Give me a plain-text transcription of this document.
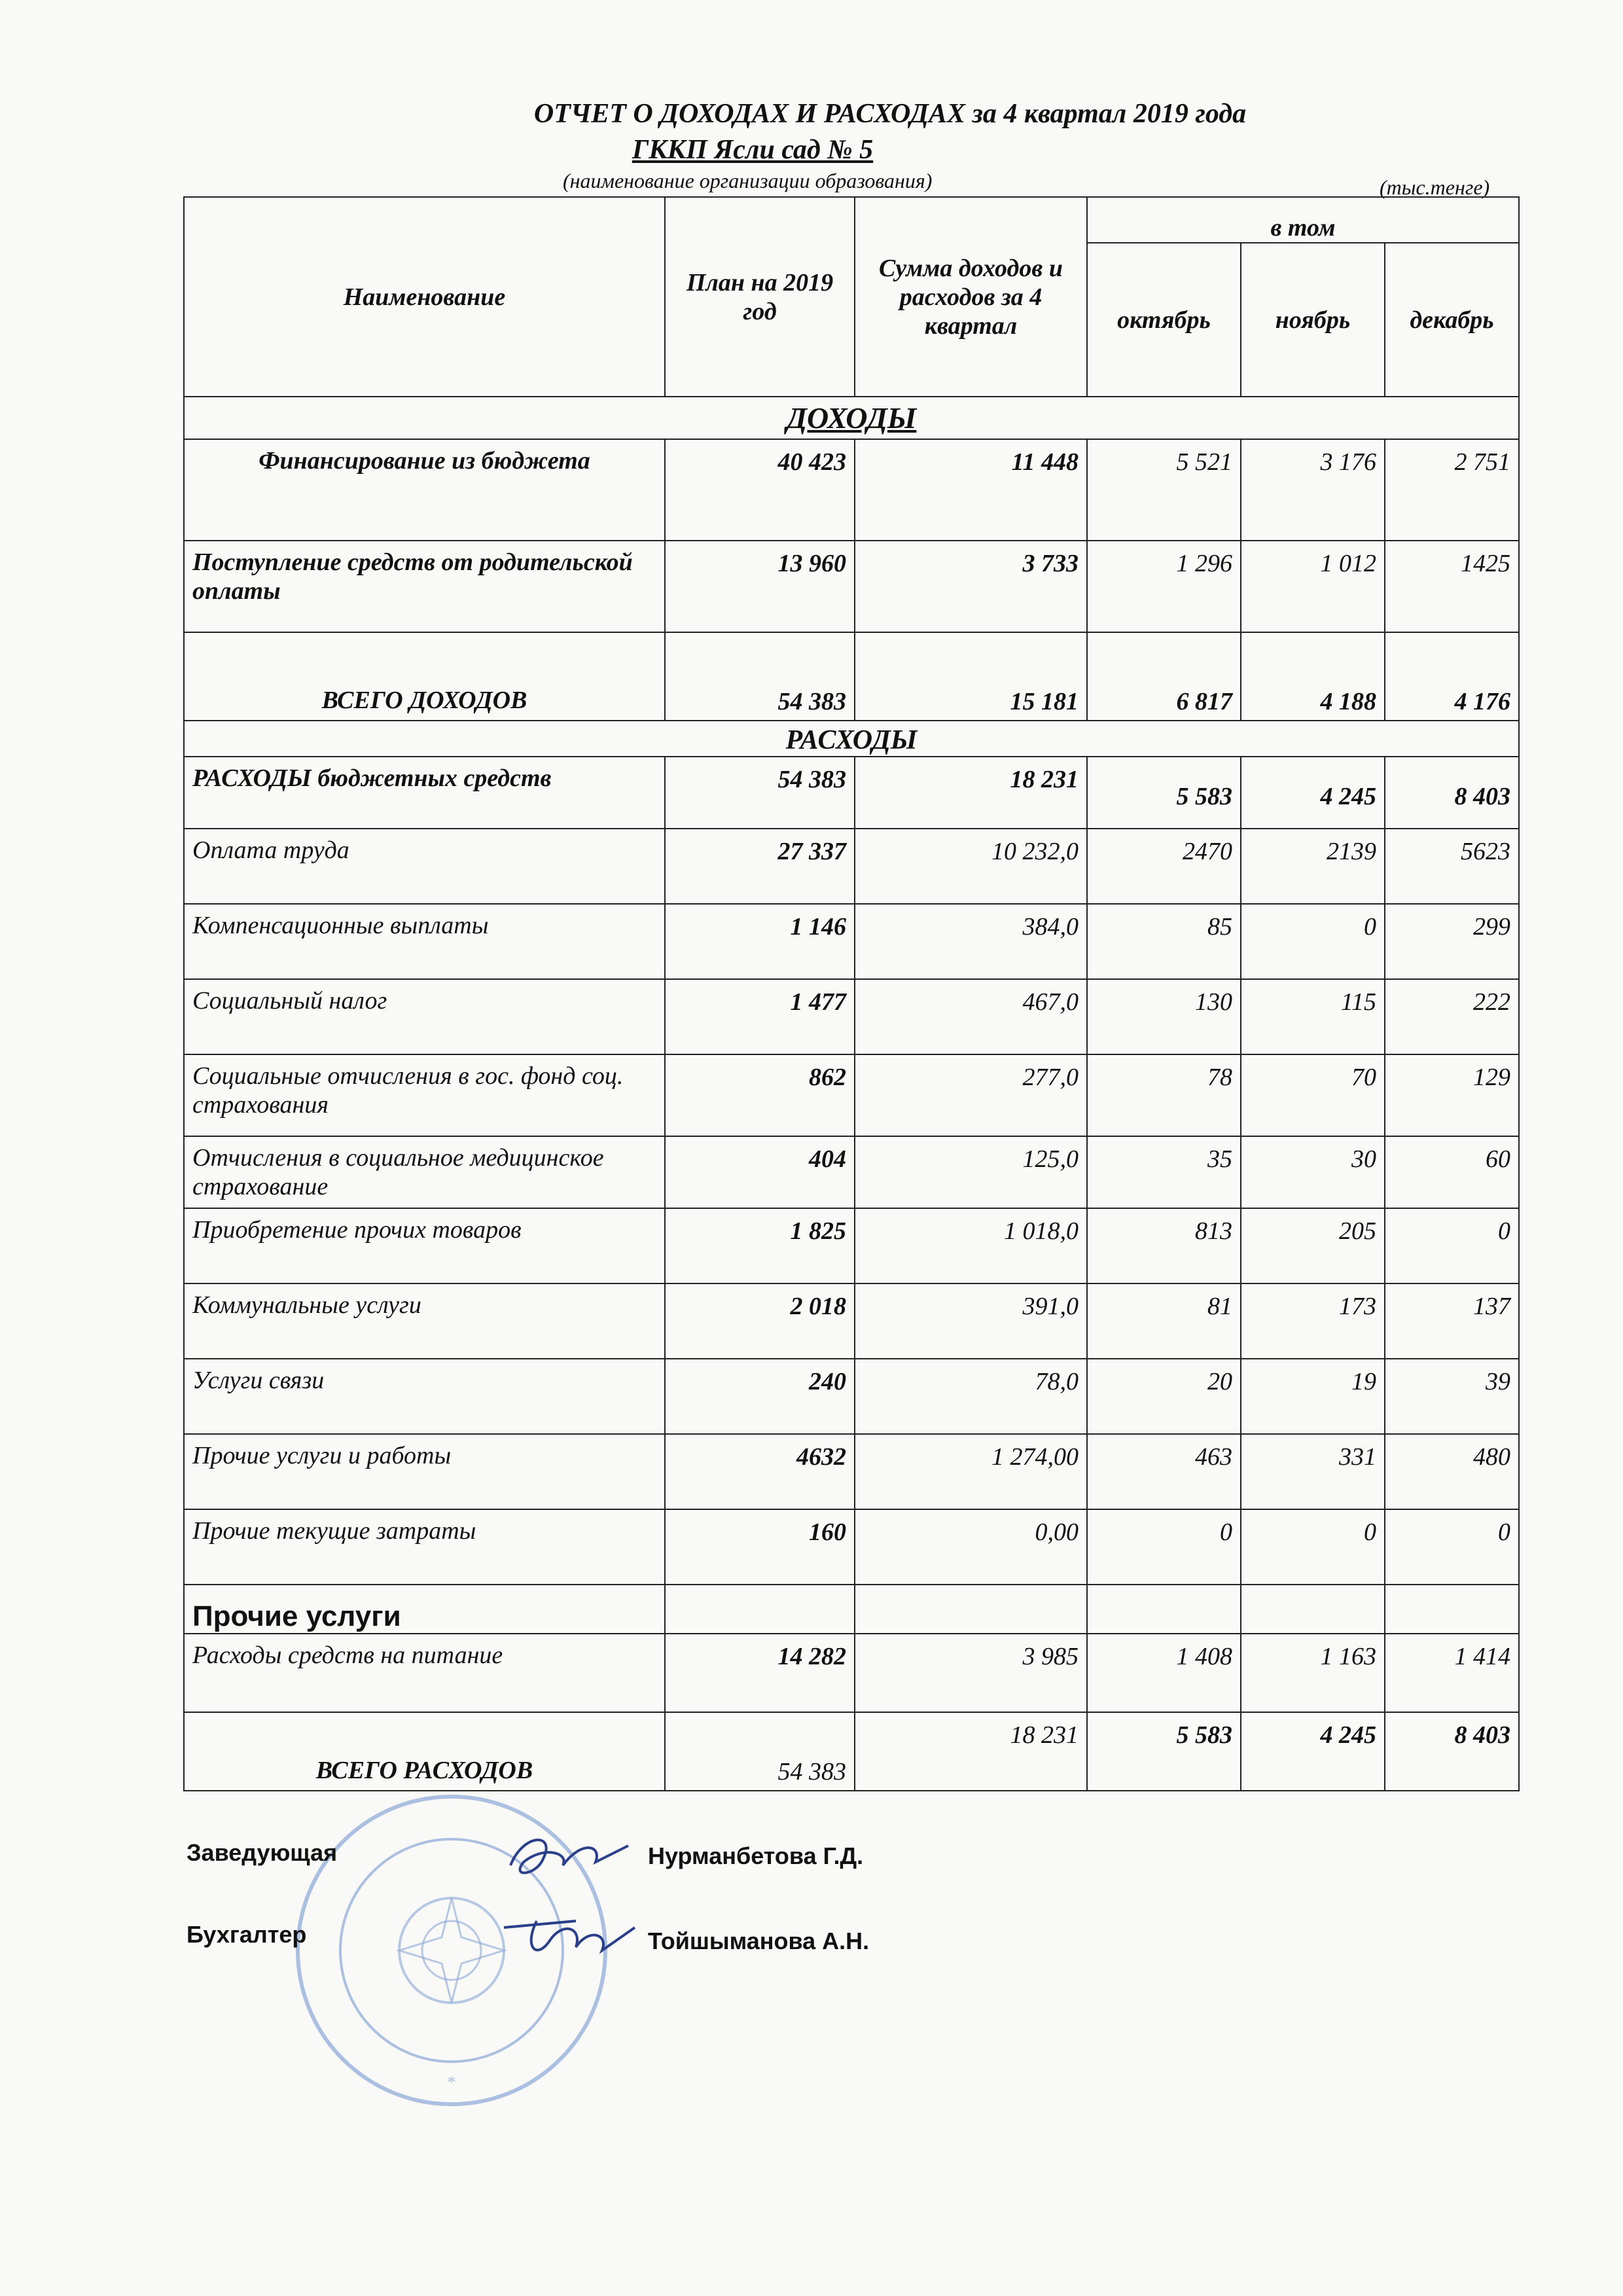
ОТЧЕТ О ДОХОДАХ И РАСХОДАХ за 4 квартал 2019 года
ГККП Ясли сад № 5
(наименование организации образования)	(тыс.тенге)
Наименование	План на 2019 год	Сумма доходов и расходов за 4 квартал	в том		
			октябрь	ноябрь	декабрь
ДОХОДЫ					
Финансирование из бюджета	40 423	11 448	5 521	3 176	2 751
Поступление средств от родительской оплаты	13 960	3 733	1 296	1 012	1425
ВСЕГО ДОХОДОВ	54 383	15 181	6 817	4 188	4 176
РАСХОДЫ					
РАСХОДЫ бюджетных средств	54 383	18 231	5 583	4 245	8 403
Оплата труда	27 337	10 232,0	2470	2139	5623
Компенсационные выплаты	1 146	384,0	85	0	299
Социальный налог	1 477	467,0	130	115	222
Социальные отчисления в гос. фонд соц. страхования	862	277,0	78	70	129
Отчисления в социальное медицинское страхование	404	125,0	35	30	60
Приобретение прочих товаров	1 825	1 018,0	813	205	0
Коммунальные услуги	2 018	391,0	81	173	137
Услуги связи	240	78,0	20	19	39
Прочие услуги и работы	4632	1 274,00	463	331	480
Прочие текущие затраты	160	0,00	0	0	0
Прочие услуги					
Расходы средств на питание	14 282	3 985	1 408	1 163	1 414
ВСЕГО РАСХОДОВ	54 383	18 231	5 583	4 245	8 403
*
Заведующая	Нурманбетова Г.Д.
Бухгалтер	Тойшыманова А.Н.
